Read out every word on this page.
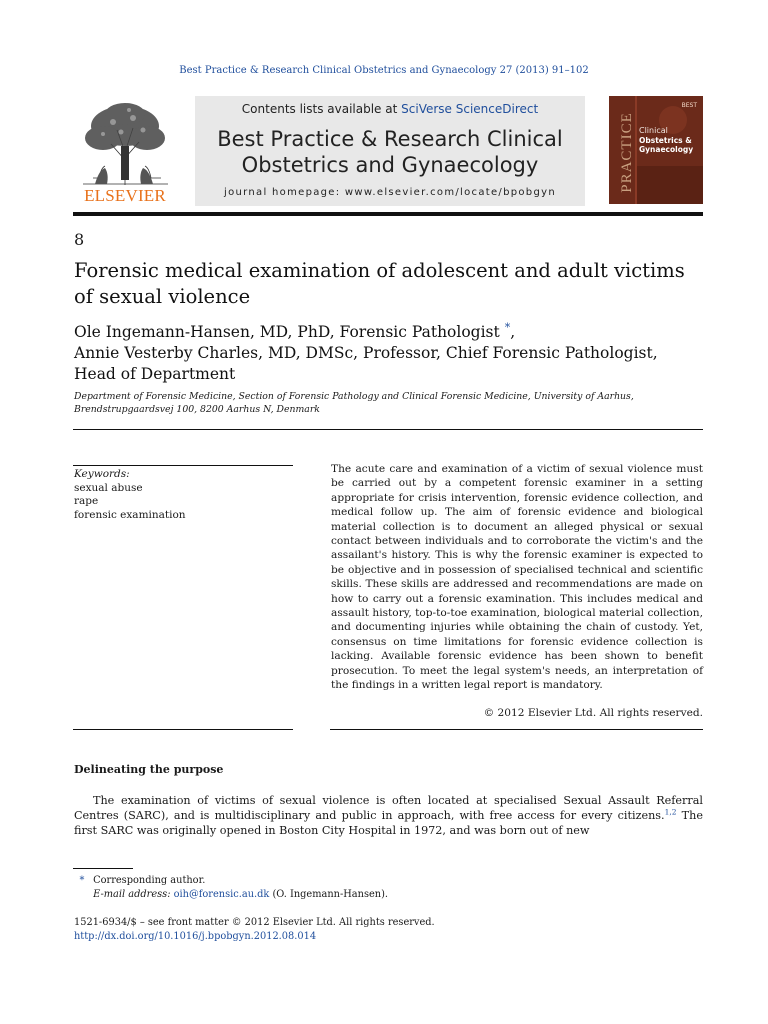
Best Practice & Research Clinical Obstetrics and Gynaecology 27 (2013) 91–102
ELSEVIER
Contents lists available at SciVerse ScienceDirect
Best Practice & Research Clinical
Obstetrics and Gynaecology
journal homepage: www.elsevier.com/locate/bpobgyn
BEST
PRACTICE Clinical
Obstetrics & Gynaecology
8
Forensic medical examination of adolescent and adult victims of sexual violence
Ole Ingemann-Hansen, MD, PhD, Forensic Pathologist *,
Annie Vesterby Charles, MD, DMSc, Professor, Chief Forensic Pathologist,
Head of Department
Department of Forensic Medicine, Section of Forensic Pathology and Clinical Forensic Medicine, University of Aarhus, Brendstrupgaardsvej 100, 8200 Aarhus N, Denmark
Keywords:
sexual abuse
rape
forensic examination
The acute care and examination of a victim of sexual violence must be carried out by a competent forensic examiner in a setting appropriate for crisis intervention, forensic evidence collection, and medical follow up. The aim of forensic evidence and biological material collection is to document an alleged physical or sexual contact between individuals and to corroborate the victim's and the assailant's history. This is why the forensic examiner is expected to be objective and in possession of specialised technical and scientific skills. These skills are addressed and recommendations are made on how to carry out a forensic examination. This includes medical and assault history, top-to-toe examination, biological material collection, and documenting injuries while obtaining the chain of custody. Yet, consensus on time limitations for forensic evidence collection is lacking. Available forensic evidence has been shown to benefit prosecution. To meet the legal system's needs, an interpretation of the findings in a written legal report is mandatory.
© 2012 Elsevier Ltd. All rights reserved.
Delineating the purpose
The examination of victims of sexual violence is often located at specialised Sexual Assault Referral Centres (SARC), and is multidisciplinary and public in approach, with free access for every citizens.$^{1,2}$ The first SARC was originally opened in Boston City Hospital in 1972, and was born out of new
* Corresponding author.
E-mail address: oih@forensic.au.dk (O. Ingemann-Hansen).
1521-6934/$ – see front matter © 2012 Elsevier Ltd. All rights reserved.
http://dx.doi.org/10.1016/j.bpobgyn.2012.08.014
